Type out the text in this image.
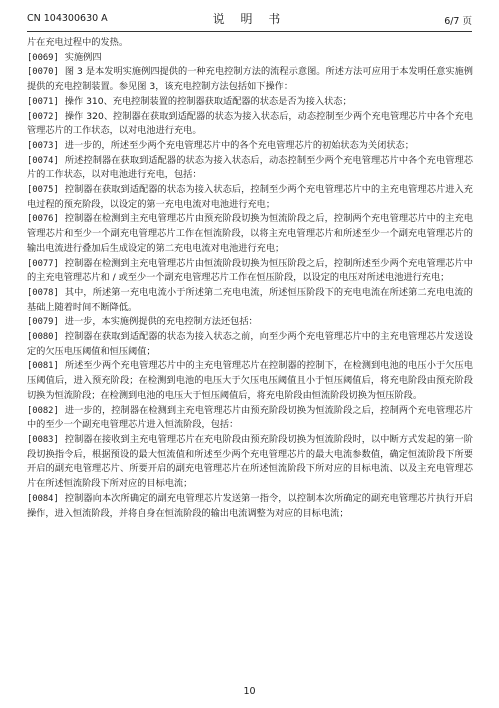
CN 104300630 A	说 明 书	6/7 页

片在充电过程中的发热。

[0069] 实施例四

[0070] 图 3 是本发明实施例四提供的一种充电控制方法的流程示意图。所述方法可应用于本发明任意实施例提供的充电控制装置。参见图 3，该充电控制方法包括如下操作：

[0071] 操作 310、充电控制装置的控制器获取适配器的状态是否为接入状态；

[0072] 操作 320、控制器在获取到适配器的状态为接入状态后，动态控制至少两个充电管理芯片中各个充电管理芯片的工作状态，以对电池进行充电。

[0073] 进一步的，所述至少两个充电管理芯片中的各个充电管理芯片的初始状态为关闭状态；

[0074] 所述控制器在获取到适配器的状态为接入状态后，动态控制至少两个充电管理芯片中各个充电管理芯片的工作状态，以对电池进行充电，包括：

[0075] 控制器在获取到适配器的状态为接入状态后，控制至少两个充电管理芯片中的主充电管理芯片进入充电过程的预充阶段，以设定的第一充电电流对电池进行充电；

[0076] 控制器在检测到主充电管理芯片由预充阶段切换为恒流阶段之后，控制两个充电管理芯片中的主充电管理芯片和至少一个副充电管理芯片工作在恒流阶段，以将主充电管理芯片和所述至少一个副充电管理芯片的输出电流进行叠加后生成设定的第二充电电流对电池进行充电；

[0077] 控制器在检测到主充电管理芯片由恒流阶段切换为恒压阶段之后，控制所述至少两个充电管理芯片中的主充电管理芯片和 / 或至少一个副充电管理芯片工作在恒压阶段，以设定的电压对所述电池进行充电；

[0078] 其中，所述第一充电电流小于所述第二充电电流，所述恒压阶段下的充电电流在所述第二充电电流的基础上随着时间不断降低。

[0079] 进一步，本实施例提供的充电控制方法还包括：

[0080] 控制器在获取到适配器的状态为接入状态之前，向至少两个充电管理芯片中的主充电管理芯片发送设定的欠压电压阈值和恒压阈值；

[0081] 所述至少两个充电管理芯片中的主充电管理芯片在控制器的控制下，在检测到电池的电压小于欠压电压阈值后，进入预充阶段；在检测到电池的电压大于欠压电压阈值且小于恒压阈值后，将充电阶段由预充阶段切换为恒流阶段；在检测到电池的电压大于恒压阈值后，将充电阶段由恒流阶段切换为恒压阶段。

[0082] 进一步的，控制器在检测到主充电管理芯片由预充阶段切换为恒流阶段之后，控制两个充电管理芯片中的至少一个副充电管理芯片进入恒流阶段，包括：

[0083] 控制器在接收到主充电管理芯片在充电阶段由预充阶段切换为恒流阶段时，以中断方式发起的第一阶段切换指令后，根据预设的最大恒流值和所述至少两个充电管理芯片的最大电流参数值，确定恒流阶段下所要开启的副充电管理芯片、所要开启的副充电管理芯片在所述恒流阶段下所对应的目标电流、以及主充电管理芯片在所述恒流阶段下所对应的目标电流；

[0084] 控制器向本次所确定的副充电管理芯片发送第一指令，以控制本次所确定的副充电管理芯片执行开启操作，进入恒流阶段，并将自身在恒流阶段的输出电流调整为对应的目标电流；

10
